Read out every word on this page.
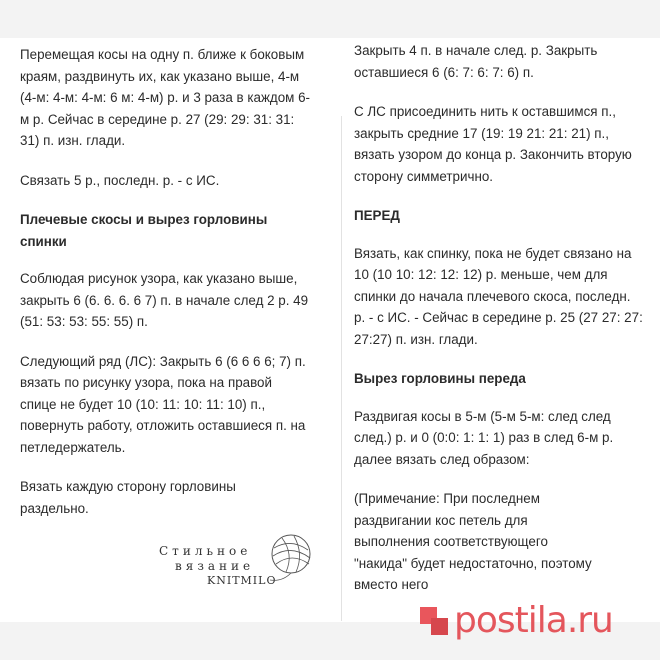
Перемещая косы на одну п. ближе к боковым краям, раздвинуть их, как указано выше, 4-м (4-м: 4-м: 4-м: 6 м: 4-м) р. и 3 раза в каждом 6-м р. Сейчас в середине р. 27 (29: 29: 31: 31: 31) п. изн. глади.

Связать 5 р., последн. р. - с ИС.

Плечевые скосы и вырез горловины спинки

Соблюдая рисунок узора, как указано выше, закрыть 6 (6. 6. 6. 6 7) п. в начале след 2 р. 49 (51: 53: 53: 55: 55) п.

Следующий ряд (ЛС): Закрыть 6 (6 6 6 6; 7) п. вязать по рисунку узора, пока на правой спице не будет 10 (10: 11: 10: 11: 10) п., повернуть работу, отложить оставшиеся п. на петледержатель.

Вязать каждую сторону горловины раздельно.

Стильное
вязание
KNITMILO

Закрыть 4 п. в начале след. р. Закрыть оставшиеся 6 (6: 7: 6: 7: 6) п.

С ЛС присоединить нить к оставшимся п., закрыть средние 17 (19: 19 21: 21: 21) п., вязать узором до конца р. Закончить вторую сторону симметрично.

ПЕРЕД

Вязать, как спинку, пока не будет связано на 10 (10 10: 12: 12: 12) р. меньше, чем для спинки до начала плечевого скоса, последн. р. - с ИС. - Сейчас в середине р. 25 (27 27: 27: 27:27) п. изн. глади.

Вырез горловины переда

Раздвигая косы в 5-м (5-м 5-м: след след след.) р. и 0 (0:0: 1: 1: 1) раз в след 6-м р. далее вязать след образом:

(Примечание: При последнем раздвигании кос петель для выполнения соответствующего "накида" будет недостаточно, поэтому вместо него

postila.ru
